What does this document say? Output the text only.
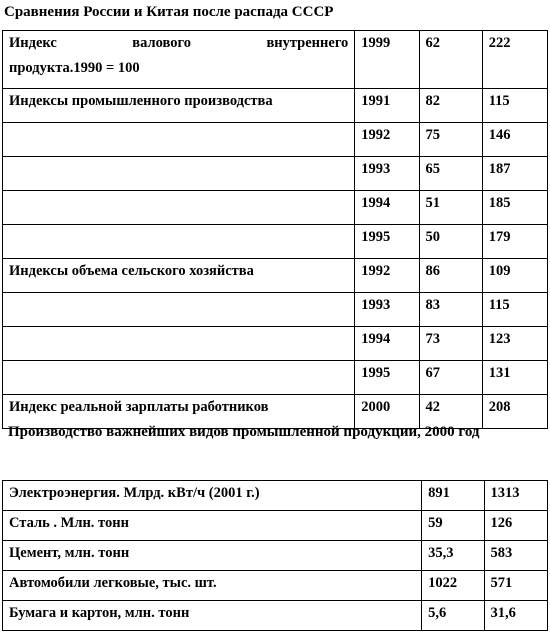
Сравнения России и Китая после распада СССР
Индекс валового внутреннего
продукта.1990 = 100	1999	62	222
Индексы промышленного производства	1991	82	115
	1992	75	146
	1993	65	187
	1994	51	185
	1995	50	179
Индексы объема сельского хозяйства	1992	86	109
	1993	83	115
	1994	73	123
	1995	67	131
Индекс реальной зарплаты работников	2000	42	208
Производство важнейших видов промышленной продукции, 2000 год
Электроэнергия. Млрд. кВт/ч (2001 г.)	891	1313
Сталь . Млн. тонн	59	126
Цемент, млн. тонн	35,3	583
Автомобили легковые, тыс. шт.	1022	571
Бумага и картон, млн. тонн	5,6	31,6
